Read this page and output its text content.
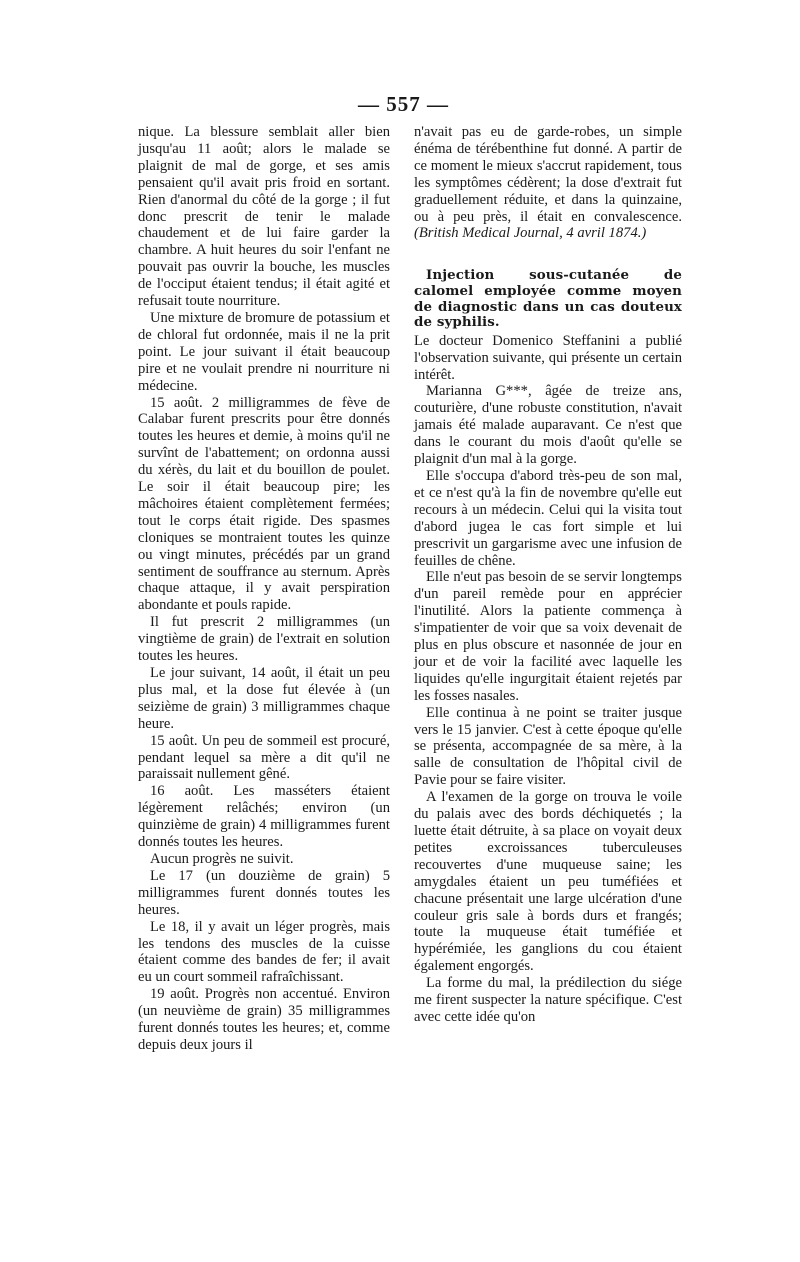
— 557 —

nique. La blessure semblait aller bien jusqu'au 11 août; alors le malade se plaignit de mal de gorge, et ses amis pensaient qu'il avait pris froid en sortant. Rien d'anormal du côté de la gorge ; il fut donc prescrit de tenir le malade chaudement et de lui faire garder la chambre. A huit heures du soir l'enfant ne pouvait pas ouvrir la bouche, les muscles de l'occiput étaient tendus; il était agité et refusait toute nourriture.

Une mixture de bromure de potassium et de chloral fut ordonnée, mais il ne la prit point. Le jour suivant il était beaucoup pire et ne voulait prendre ni nourriture ni médecine.

15 août. 2 milligrammes de fève de Calabar furent prescrits pour être donnés toutes les heures et demie, à moins qu'il ne survînt de l'abattement; on ordonna aussi du xérès, du lait et du bouillon de poulet. Le soir il était beaucoup pire; les mâchoires étaient complètement fermées; tout le corps était rigide. Des spasmes cloniques se montraient toutes les quinze ou vingt minutes, précédés par un grand sentiment de souffrance au sternum. Après chaque attaque, il y avait perspiration abondante et pouls rapide.

Il fut prescrit 2 milligrammes (un vingtième de grain) de l'extrait en solution toutes les heures.

Le jour suivant, 14 août, il était un peu plus mal, et la dose fut élevée à (un seizième de grain) 3 milligrammes chaque heure.

15 août. Un peu de sommeil est procuré, pendant lequel sa mère a dit qu'il ne paraissait nullement gêné.

16 août. Les masséters étaient légèrement relâchés; environ (un quinzième de grain) 4 milligrammes furent donnés toutes les heures.

Aucun progrès ne suivit.

Le 17 (un douzième de grain) 5 milligrammes furent donnés toutes les heures.

Le 18, il y avait un léger progrès, mais les tendons des muscles de la cuisse étaient comme des bandes de fer; il avait eu un court sommeil rafraîchissant.

19 août. Progrès non accentué. Environ (un neuvième de grain) 35 milligrammes furent donnés toutes les heures; et, comme depuis deux jours il

n'avait pas eu de garde-robes, un simple énéma de térébenthine fut donné. A partir de ce moment le mieux s'accrut rapidement, tous les symptômes cédèrent; la dose d'extrait fut graduellement réduite, et dans la quinzaine, ou à peu près, il était en convalescence. (British Medical Journal, 4 avril 1874.)

Injection sous-cutanée de calomel employée comme moyen de diagnostic dans un cas douteux de syphilis.

Le docteur Domenico Steffanini a publié l'observation suivante, qui présente un certain intérêt.

Marianna G***, âgée de treize ans, couturière, d'une robuste constitution, n'avait jamais été malade auparavant. Ce n'est que dans le courant du mois d'août qu'elle se plaignit d'un mal à la gorge.

Elle s'occupa d'abord très-peu de son mal, et ce n'est qu'à la fin de novembre qu'elle eut recours à un médecin. Celui qui la visita tout d'abord jugea le cas fort simple et lui prescrivit un gargarisme avec une infusion de feuilles de chêne.

Elle n'eut pas besoin de se servir longtemps d'un pareil remède pour en apprécier l'inutilité. Alors la patiente commença à s'impatienter de voir que sa voix devenait de plus en plus obscure et nasonnée de jour en jour et de voir la facilité avec laquelle les liquides qu'elle ingurgitait étaient rejetés par les fosses nasales.

Elle continua à ne point se traiter jusque vers le 15 janvier. C'est à cette époque qu'elle se présenta, accompagnée de sa mère, à la salle de consultation de l'hôpital civil de Pavie pour se faire visiter.

A l'examen de la gorge on trouva le voile du palais avec des bords déchiquetés ; la luette était détruite, à sa place on voyait deux petites excroissances tuberculeuses recouvertes d'une muqueuse saine; les amygdales étaient un peu tuméfiées et chacune présentait une large ulcération d'une couleur gris sale à bords durs et frangés; toute la muqueuse était tuméfiée et hypérémiée, les ganglions du cou étaient également engorgés.

La forme du mal, la prédilection du siége me firent suspecter la nature spécifique. C'est avec cette idée qu'on
